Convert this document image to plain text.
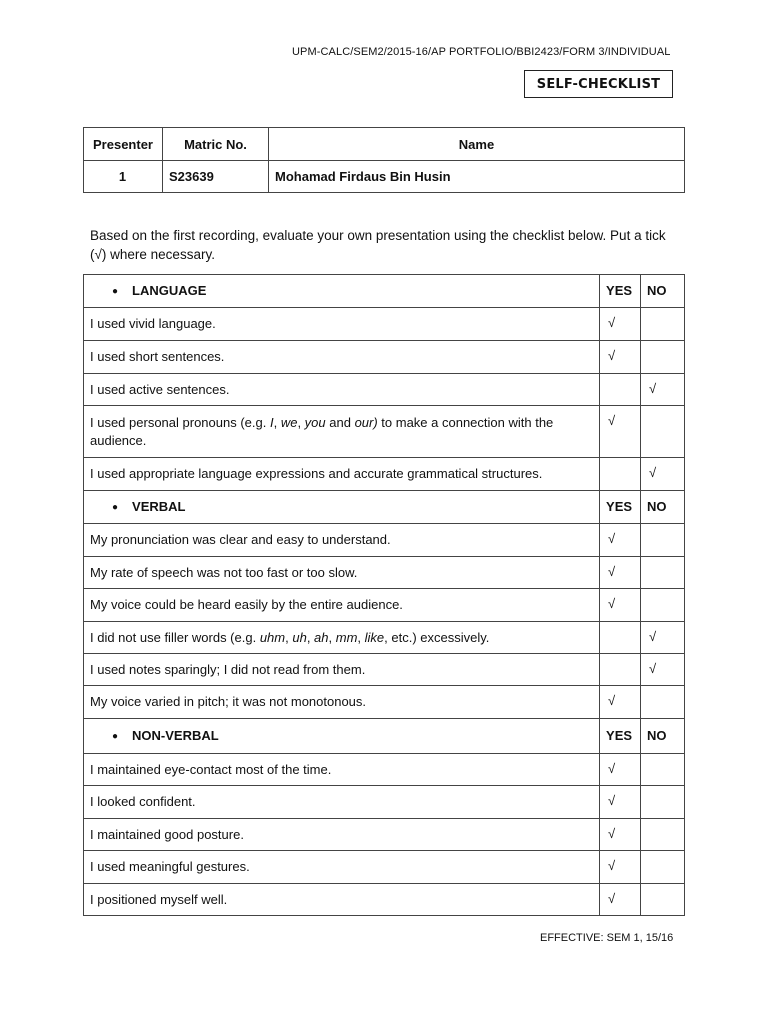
UPM-CALC/SEM2/2015-16/AP PORTFOLIO/BBI2423/FORM 3/INDIVIDUAL
SELF-CHECKLIST
Presenter	Matric No.	Name
1	S23639	Mohamad Firdaus Bin Husin
Based on the first recording, evaluate your own presentation using the checklist below. Put a tick (√) where necessary.
● LANGUAGE	YES	NO
I used vivid language.	√	
I used short sentences.	√	
I used active sentences.		√
I used personal pronouns (e.g. I, we, you and our) to make a connection with the audience.	√	
I used appropriate language expressions and accurate grammatical structures.		√
● VERBAL	YES	NO
My pronunciation was clear and easy to understand.	√	
My rate of speech was not too fast or too slow.	√	
My voice could be heard easily by the entire audience.	√	
I did not use filler words (e.g. uhm, uh, ah, mm, like, etc.) excessively.		√
I used notes sparingly; I did not read from them.		√
My voice varied in pitch; it was not monotonous.	√	
● NON-VERBAL	YES	NO
I maintained eye-contact most of the time.	√	
I looked confident.	√	
I maintained good posture.	√	
I used meaningful gestures.	√	
I positioned myself well.	√	
EFFECTIVE: SEM 1, 15/16
